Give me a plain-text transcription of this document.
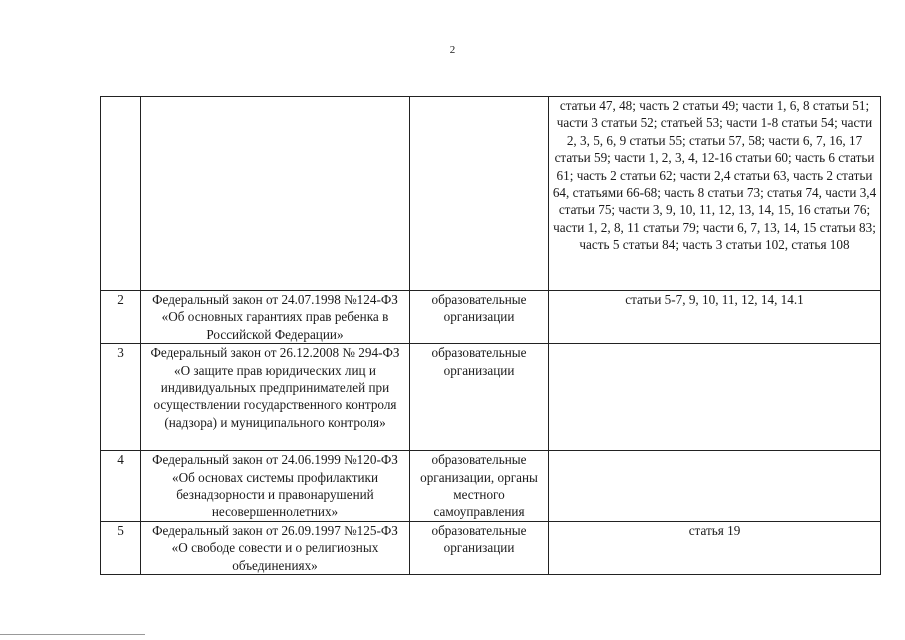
2
			статьи 47, 48; часть 2 статьи 49; части 1, 6, 8 статьи 51; части 3 статьи 52; статьей 53; части 1-8 статьи 54; части 2, 3, 5, 6, 9 статьи 55; статьи 57, 58; части 6, 7, 16, 17 статьи 59; части 1, 2, 3, 4, 12-16 статьи 60; часть 6 статьи 61; часть 2 статьи 62; части 2,4 статьи 63, часть 2 статьи 64, статьями 66-68; часть 8 статьи 73; статья 74, части 3,4 статьи 75; части 3, 9, 10, 11, 12, 13, 14, 15, 16 статьи 76; части 1, 2, 8, 11 статьи 79; части 6, 7, 13, 14, 15 статьи 83; часть 5 статьи 84; часть 3 статьи 102, статья 108
2	Федеральный закон от 24.07.1998 №124-ФЗ «Об основных гарантиях прав ребенка в Российской Федерации»	образовательные организации	статьи 5-7, 9, 10, 11, 12, 14, 14.1
3	Федеральный закон от 26.12.2008 № 294-ФЗ «О защите прав юридических лиц и индивидуальных предпринимателей при осуществлении государственного контроля (надзора) и муниципального контроля»	образовательные организации	
4	Федеральный закон от 24.06.1999 №120-ФЗ «Об основах системы профилактики безнадзорности и правонарушений несовершеннолетних»	образовательные организации, органы местного самоуправления	
5	Федеральный закон от 26.09.1997 №125-ФЗ «О свободе совести и о религиозных объединениях»	образовательные организации	статья 19
